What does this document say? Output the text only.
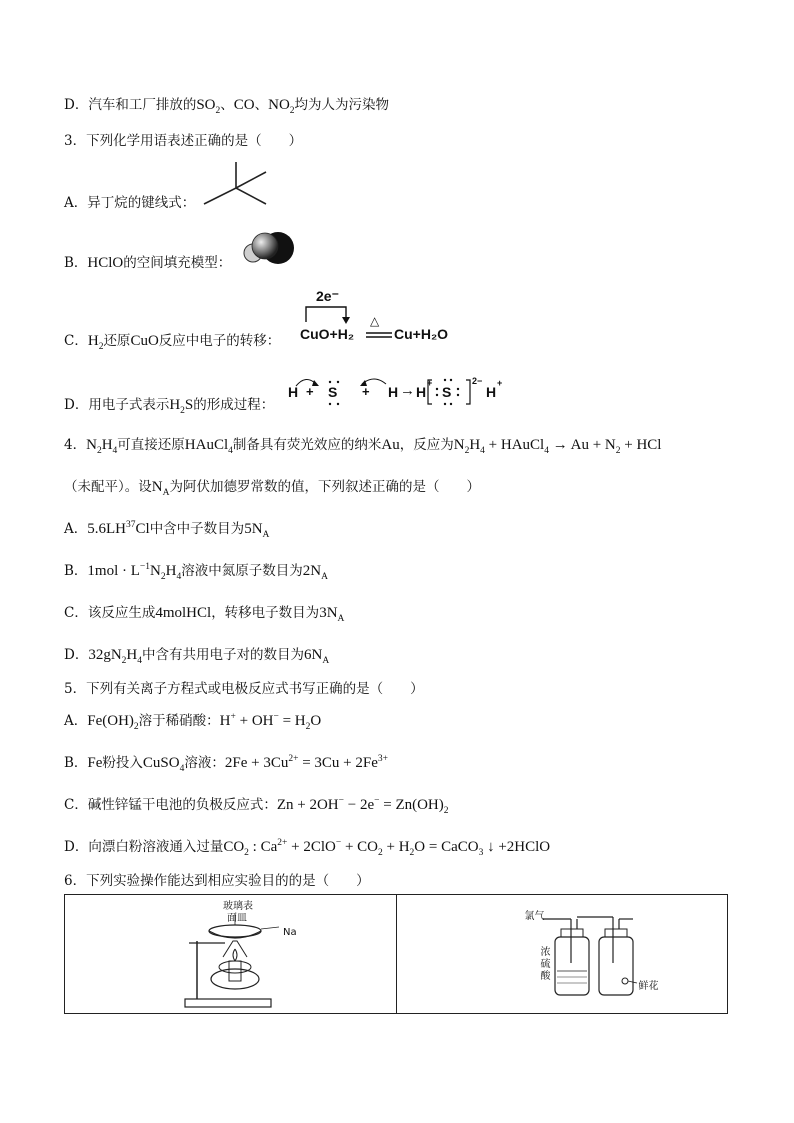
D．汽车和工厂排放的$SO_2$、CO、$NO_2$均为人为污染物
3．下列化学用语表述正确的是（　　）
A．异丁烷的键线式：
B．HClO的空间填充模型：
C．$H_2$还原CuO反应中电子的转移：
2e⁻
CuO+H₂
△
Cu+H₂O
D．用电子式表示$H_2S$的形成过程：
H + S + H → H
+
S
2−
H
+
4．$N_2H_4$可直接还原HAuCl$_4$制备具有荧光效应的纳米Au，反应为$N_2H_4$ + HAuCl$_4$ → $Au + N_2$ + HCl
（未配平）。设$N_A$为阿伏加德罗常数的值，下列叙述正确的是（　　）
A．5.6LH$^{37}$Cl中含中子数目为$5N_A$
B．$1mol \cdot L^{-1}N_2H_4$溶液中氮原子数目为$2N_A$
C．该反应生成4molHCl，转移电子数目为$3N_A$
D．$32gN_2H_4$中含有共用电子对的数目为$6N_A$
5．下列有关离子方程式或电极反应式书写正确的是（　　）
A．$Fe(OH)_2$溶于稀硝酸：$H^+ + OH^- = H_2O$
B．Fe粉投入CuSO$_4$溶液：$2Fe + 3Cu^{2+} = 3Cu + 2Fe^{3+}$
C．碱性锌锰干电池的负极反应式：$Zn + 2OH^- - 2e^- = Zn(OH)_2$
D．向漂白粉溶液通入过量$CO_2$ : $Ca^{2+} + 2ClO^- + CO_2 + H_2O$ = CaCO$_3$ ↓ +2HClO
6．下列实验操作能达到相应实验目的的是（　　）
玻璃表
面皿
Na

氯气
浓
硫
酸
鲜花
